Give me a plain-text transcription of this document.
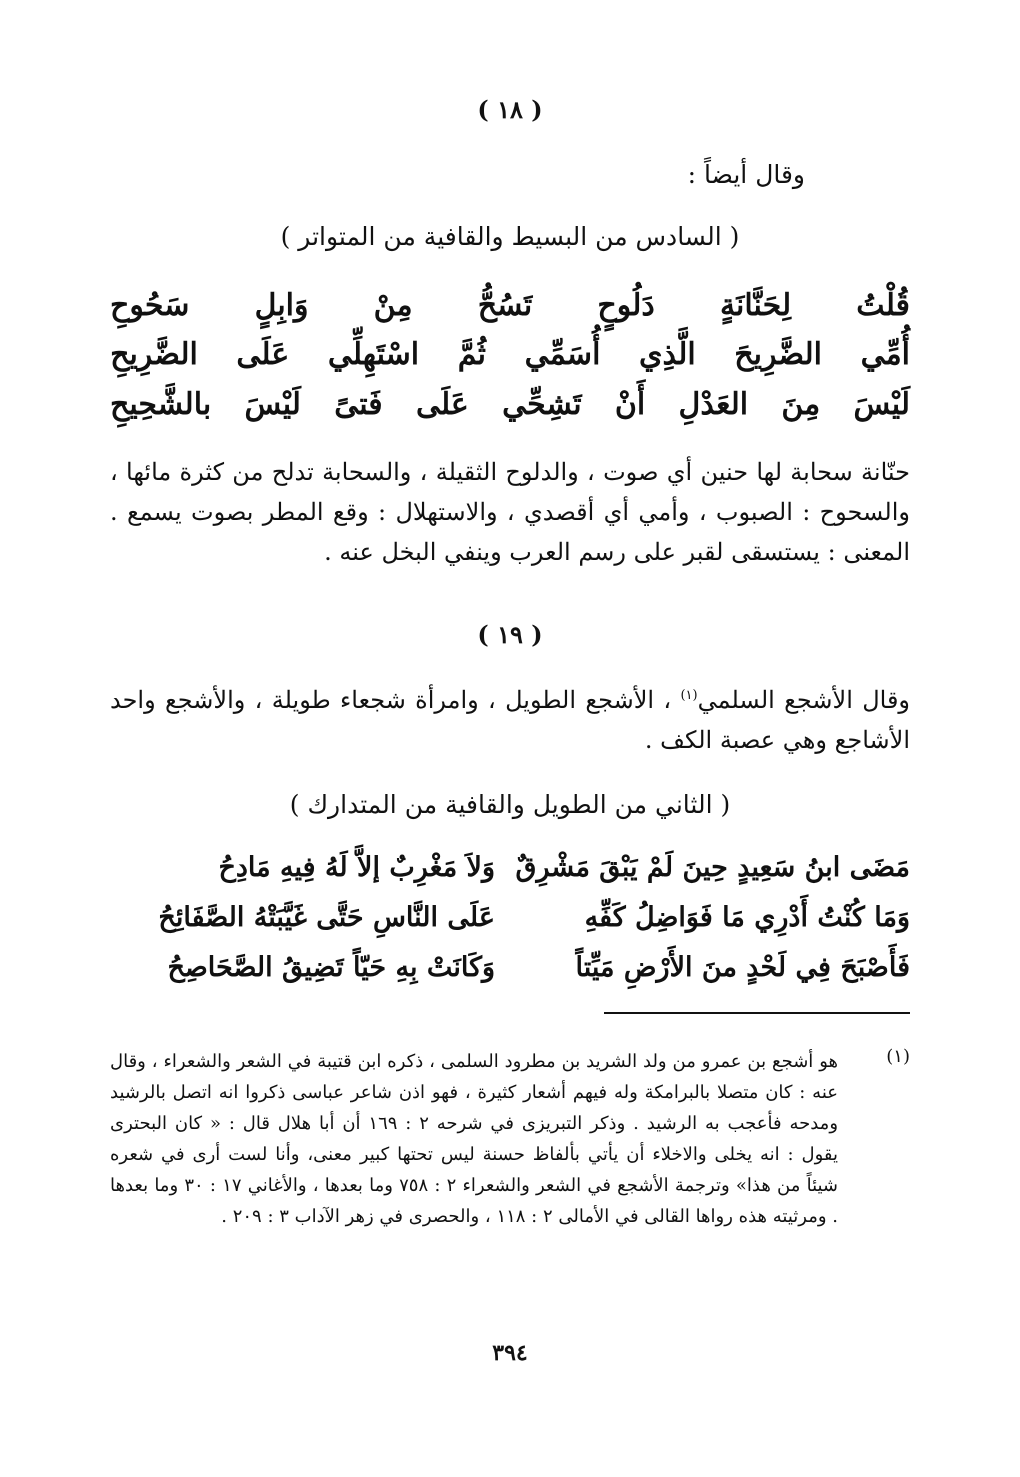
( ١٨ )
وقال أيضاً :
( السادس من البسيط والقافية من المتواتر )
قُلْتُ
لِحَنَّانَةٍ
دَلُوحٍ
تَسُحُّ
مِنْ
وَابِلٍ
سَحُوحِ
أُمِّي
الضَّرِيحَ
الَّذِي
أُسَمِّي
ثُمَّ
اسْتَهِلِّي
عَلَى
الضَّرِيحِ
لَيْسَ
مِنَ
العَدْلِ
أَنْ
تَشِحِّي
عَلَى
فَتىً
لَيْسَ
بالشَّحِيحِ
حنّانة سحابة لها حنين أي صوت ، والدلوح الثقيلة ، والسحابة تدلح من كثرة مائها ، والسحوح : الصبوب ، وأمي أي أقصدي ، والاستهلال : وقع المطر بصوت يسمع . المعنى : يستسقى لقبر على رسم العرب وينفي البخل عنه .
( ١٩ )
وقال الأشجع السلمي$^{(١)}$ ، الأشجع الطويل ، وامرأة شجعاء طويلة ، والأشجع واحد الأشاجع وهي عصبة الكف .
( الثاني من الطويل والقافية من المتدارك )
مَضَى ابنُ سَعِيدٍ حِينَ لَمْ يَبْقَ مَشْرِقٌ
وَلاَ مَغْرِبٌ إلاَّ لَهُ فِيهِ مَادِحُ
وَمَا كُنْتُ أَدْرِي مَا فَوَاضِلُ كَفِّهِ
عَلَى النَّاسِ حَتَّى غَيَّبَتْهُ الصَّفَائِحُ
فَأَصْبَحَ فِي لَحْدٍ منَ الأَرْضِ مَيِّتاً
وَكَانَتْ بِهِ حَيّاً تَضِيقُ الصَّحَاصِحُ
(١)
هو أشجع بن عمرو من ولد الشريد بن مطرود السلمى ، ذكره ابن قتيبة في الشعر والشعراء ، وقال عنه : كان متصلا بالبرامكة وله فيهم أشعار كثيرة ، فهو اذن شاعر عباسى ذكروا انه اتصل بالرشيد ومدحه فأعجب به الرشيد . وذكر التبريزى في شرحه ٢ : ١٦٩ أن أبا هلال قال : « كان البحترى يقول : انه يخلى والاخلاء أن يأتي بألفاظ حسنة ليس تحتها كبير معنى، وأنا لست أرى في شعره شيئاً من هذا» وترجمة الأشجع في الشعر والشعراء ٢ : ٧٥٨ وما بعدها ، والأغاني ١٧ : ٣٠ وما بعدها . ومرثيته هذه رواها القالى في الأمالى ٢ : ١١٨ ، والحصرى في زهر الآداب ٣ : ٢٠٩ .
٣٩٤
